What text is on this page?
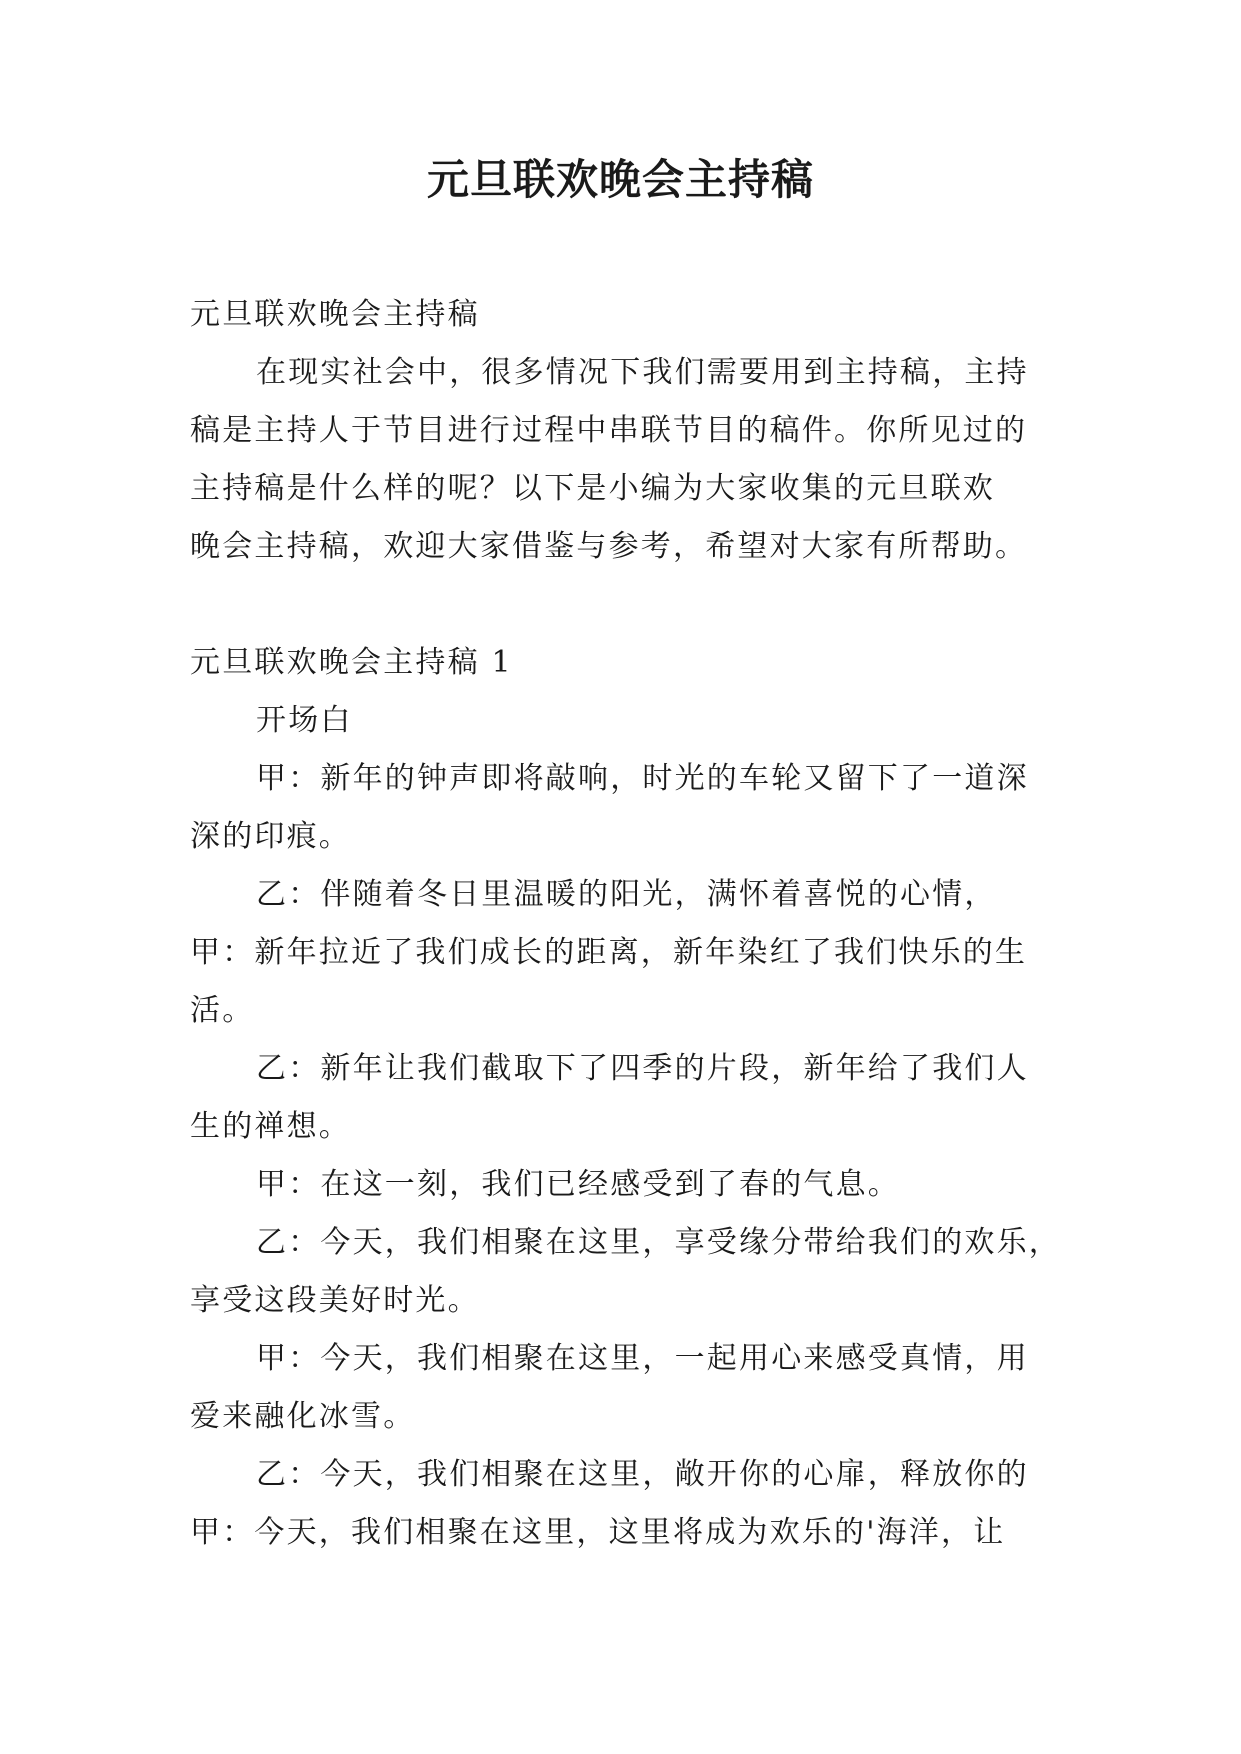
元旦联欢晚会主持稿
元旦联欢晚会主持稿
在现实社会中，很多情况下我们需要用到主持稿，主持
稿是主持人于节目进行过程中串联节目的稿件。你所见过的
主持稿是什么样的呢？以下是小编为大家收集的元旦联欢
晚会主持稿，欢迎大家借鉴与参考，希望对大家有所帮助。
元旦联欢晚会主持稿 1
开场白
甲：新年的钟声即将敲响，时光的车轮又留下了一道深
深的印痕。
乙：伴随着冬日里温暖的阳光，满怀着喜悦的心情，
甲：新年拉近了我们成长的距离，新年染红了我们快乐的生
活。
乙：新年让我们截取下了四季的片段，新年给了我们人
生的禅想。
甲：在这一刻，我们已经感受到了春的气息。
乙：今天，我们相聚在这里，享受缘分带给我们的欢乐，
享受这段美好时光。
甲：今天，我们相聚在这里，一起用心来感受真情，用
爱来融化冰雪。
乙：今天，我们相聚在这里，敞开你的心扉，释放你的
甲：今天，我们相聚在这里，这里将成为欢乐的'海洋，让
